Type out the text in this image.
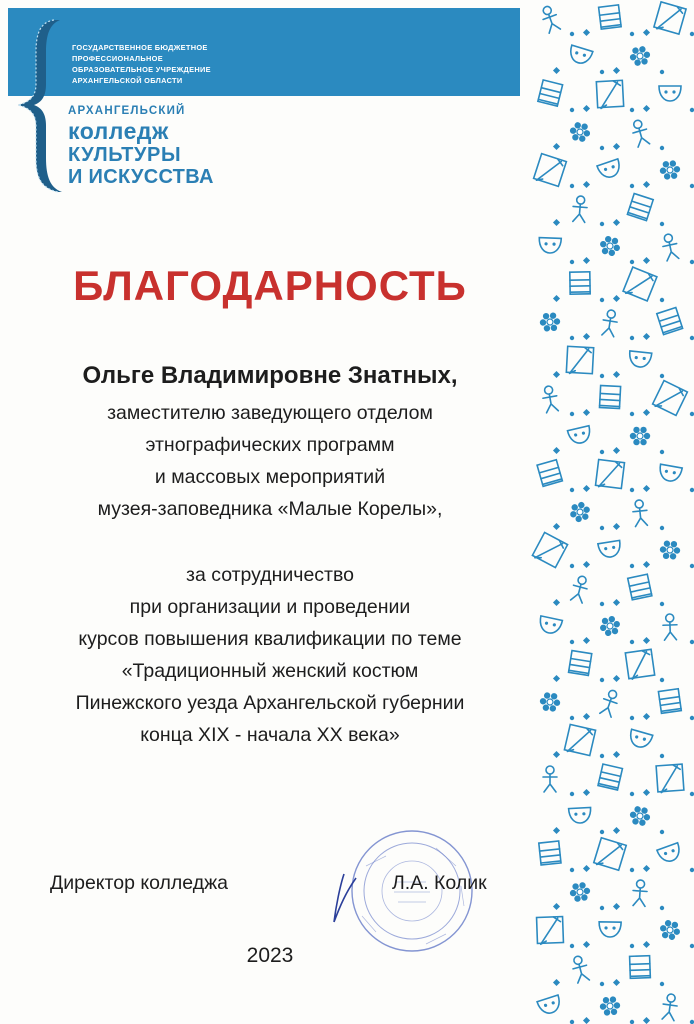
ГОСУДАРСТВЕННОЕ БЮДЖЕТНОЕ
ПРОФЕССИОНАЛЬНОЕ
ОБРАЗОВАТЕЛЬНОЕ УЧРЕЖДЕНИЕ
АРХАНГЕЛЬСКОЙ ОБЛАСТИ
АРХАНГЕЛЬСКИЙ
колледж
КУЛЬТУРЫ
И ИСКУССТВА
БЛАГОДАРНОСТЬ
Ольге Владимировне Знатных,
заместителю заведующего отделом
этнографических программ
и массовых мероприятий
музея-заповедника «Малые Корелы»,
за сотрудничество
при организации и проведении
курсов повышения квалификации по теме
«Традиционный женский костюм
Пинежского уезда Архангельской губернии
конца XIX - начала XX века»
Директор колледжа	Л.А. Колик
2023
